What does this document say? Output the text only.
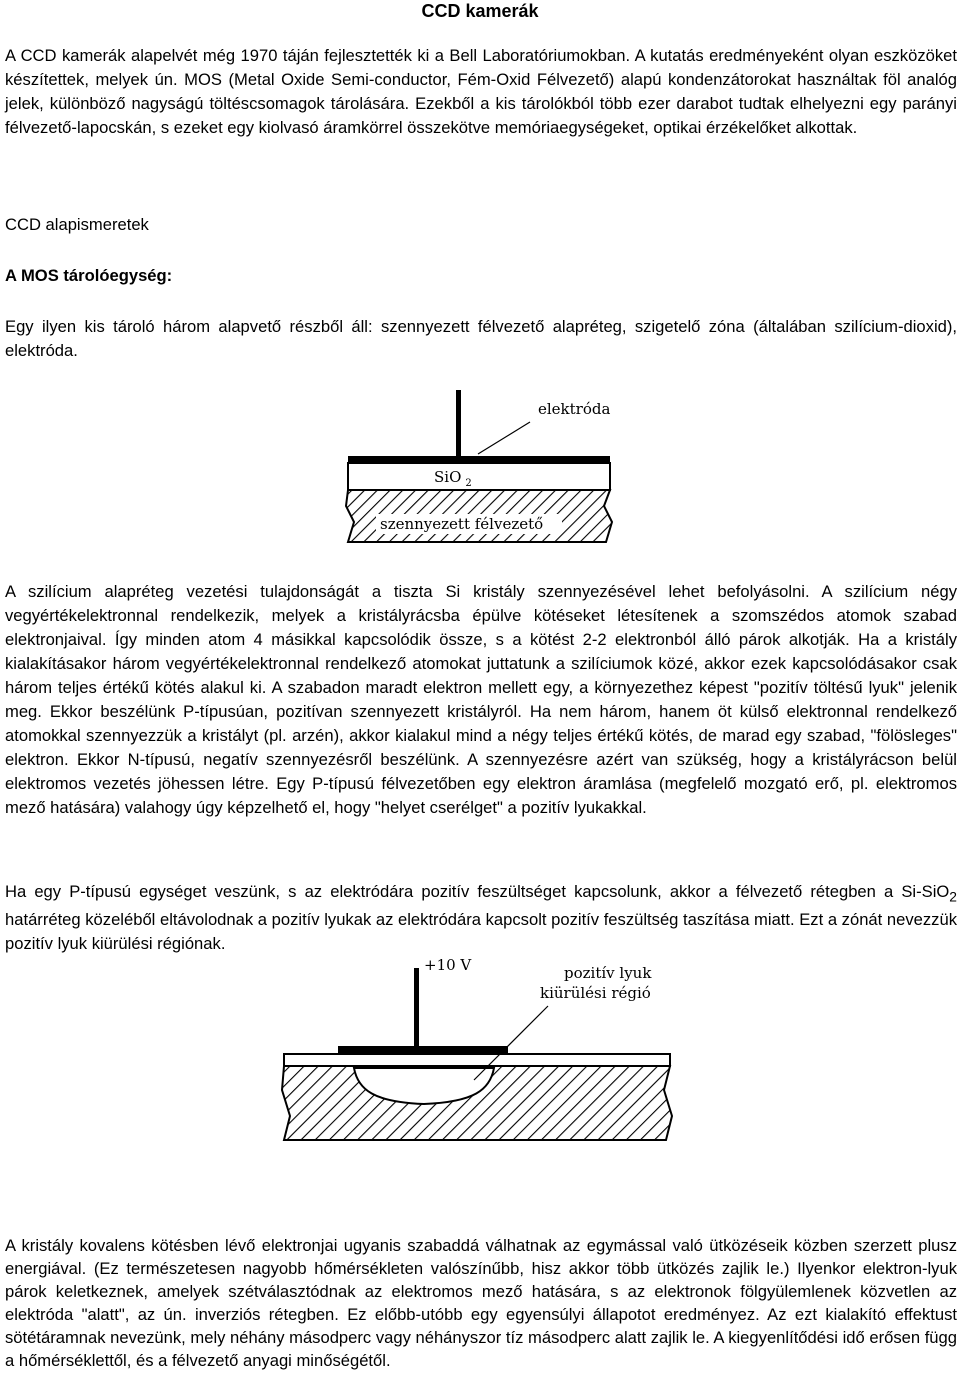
CCD kamerák

A CCD kamerák alapelvét még 1970 táján fejlesztették ki a Bell Laboratóriumokban. A kutatás eredményeként olyan eszközöket készítettek, melyek ún. MOS (Metal Oxide Semi-conductor, Fém-Oxid Félvezető) alapú kondenzátorokat használtak föl analóg jelek, különböző nagyságú töltéscsomagok tárolására. Ezekből a kis tárolókból több ezer darabot tudtak elhelyezni egy parányi félvezető-lapocskán, s ezeket egy kiolvasó áramkörrel összekötve memóriaegységeket, optikai érzékelőket alkottak.

CCD alapismeretek

A MOS tárolóegység:

Egy ilyen kis tároló három alapvető részből áll: szennyezett félvezető alapréteg, szigetelő zóna (általában szilícium-dioxid), elektróda.

elektróda
SiO $_2$
szennyezett félvezető

A szilícium alapréteg vezetési tulajdonságát a tiszta Si kristály szennyezésével lehet befolyásolni. A szilícium négy vegyértékelektronnal rendelkezik, melyek a kristályrácsba épülve kötéseket létesítenek a szomszédos atomok szabad elektronjaival. Így minden atom 4 másikkal kapcsolódik össze, s a kötést 2-2 elektronból álló párok alkotják. Ha a kristály kialakításakor három vegyértékelektronnal rendelkező atomokat juttatunk a szilíciumok közé, akkor ezek kapcsolódásakor csak három teljes értékű kötés alakul ki. A szabadon maradt elektron mellett egy, a környezethez képest "pozitív töltésű lyuk" jelenik meg. Ekkor beszélünk P-típusúan, pozitívan szennyezett kristályról. Ha nem három, hanem öt külső elektronnal rendelkező atomokkal szennyezzük a kristályt (pl. arzén), akkor kialakul mind a négy teljes értékű kötés, de marad egy szabad, "fölösleges" elektron. Ekkor N-típusú, negatív szennyezésről beszélünk. A szennyezésre azért van szükség, hogy a kristályrácson belül elektromos vezetés jöhessen létre. Egy P-típusú félvezetőben egy elektron áramlása (megfelelő mozgató erő, pl. elektromos mező hatására) valahogy úgy képzelhető el, hogy "helyet cserélget" a pozitív lyukakkal.

Ha egy P-típusú egységet veszünk, s az elektródára pozitív feszültséget kapcsolunk, akkor a félvezető rétegben a Si-SiO$_2$ határréteg közeléből eltávolodnak a pozitív lyukak az elektródára kapcsolt pozitív feszültség taszítása miatt. Ezt a zónát nevezzük pozitív lyuk kiürülési régiónak.

+10 V	pozitív lyuk
kiürülési régió

A kristály kovalens kötésben lévő elektronjai ugyanis szabaddá válhatnak az egymással való ütközéseik közben szerzett plusz energiával. (Ez természetesen nagyobb hőmérsékleten valószínűbb, hisz akkor több ütközés zajlik le.) Ilyenkor elektron-lyuk párok keletkeznek, amelyek szétválasztódnak az elektromos mező hatására, s az elektronok fölgyülemlenek közvetlen az elektróda "alatt", az ún. inverziós rétegben. Ez előbb-utóbb egy egyensúlyi állapotot eredményez. Az ezt kialakító effektust sötétáramnak nevezünk, mely néhány másodperc vagy néhányszor tíz másodperc alatt zajlik le. A kiegyenlítődési idő erősen függ a hőmérséklettől, és a félvezető anyagi minőségétől.
